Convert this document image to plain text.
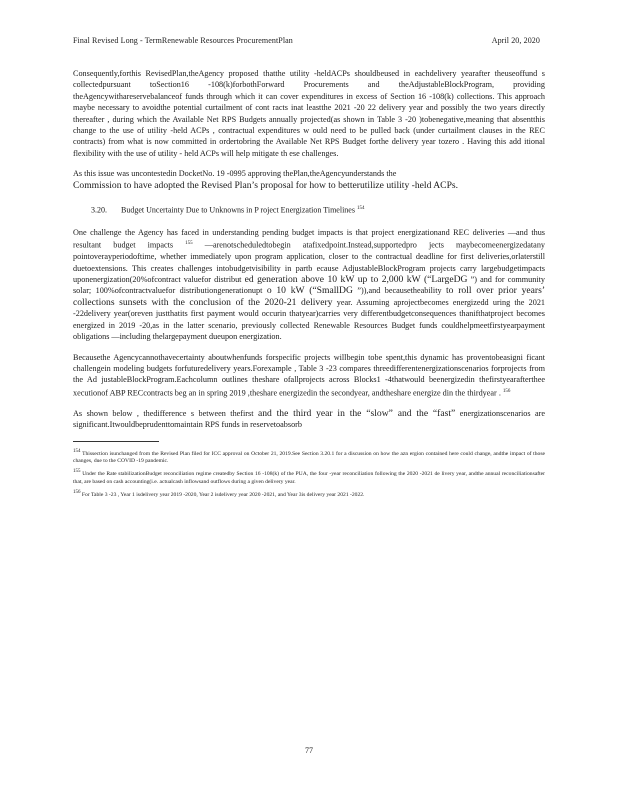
Final Revised Long - TermRenewable Resources ProcurementPlan	April 20, 2020

Consequently,forthis RevisedPlan,theAgency proposed thatthe utility -heldACPs shouldbeused in eachdelivery yearafter theuseoffund s collectedpursuant toSection16 -108(k)forbothForward Procurements and theAdjustableBlockProgram, providing theAgencywithareservebalanceof funds through which it can cover expenditures in excess of Section 16 -108(k) collections. This approach maybe necessary to avoidthe potential curtailment of cont racts inat leastthe 2021 -20 22 delivery year and possibly the two years directly thereafter , during which the Available Net RPS Budgets annually projected(as shown in Table 3 -20 )tobenegative,meaning that absentthis change to the use of utility -held ACPs , contractual expenditures w ould need to be pulled back (under curtailment clauses in the REC contracts) from what is now committed in ordertobring the Available Net RPS Budget forthe delivery year tozero . Having this add itional flexibility with the use of utility - held ACPs will help mitigate th ese challenges.

As this issue was uncontestedin DocketNo. 19 -0995 approving thePlan,theAgencyunderstands the
Commission to have adopted the Revised Plan’s proposal for how to betterutilize utility -held ACPs.

3.20. Budget Uncertainty Due to Unknowns in P roject Energization Timelines $^{154}$

One challenge the Agency has faced in understanding pending budget impacts is that project energizationand REC deliveries —and thus resultant budget impacts $^{155}$ —arenotscheduledtobegin atafixedpoint.Instead,supportedpro jects maybecomeenergizedatany pointoverayperiodoftime, whether immediately upon program application, closer to the contractual deadline for first deliveries,orlaterstill duetoextensions. This creates challenges intobudgetvisibility in partb ecause AdjustableBlockProgram projects carry largebudgetimpacts uponenergization(20%ofcontract valuefor distribut ed generation above 10 kW up to 2,000 kW (“LargeDG ”) and for community solar; 100%ofcontractvaluefor distributiongenerationupt o 10 kW (“SmallDG ”)),and becausetheability to roll over prior years’ collections sunsets with the conclusion of the 2020-21 delivery year. Assuming aprojectbecomes energizedd uring the 2021 -22delivery year(oreven justthatits first payment would occurin thatyear)carries very differentbudgetconsequences thanifthatproject becomes energized in 2019 -20,as in the latter scenario, previously collected Renewable Resources Budget funds couldhelpmeetfirstyearpayment obligations —including thelargepayment dueupon energization.

Becausethe Agencycannothavecertainty aboutwhenfunds forspecific projects willbegin tobe spent,this dynamic has proventobeasigni ficant challengein modeling budgets forfuturedelivery years.Forexample , Table 3 -23 compares threedifferentenergizationscenarios forprojects from the Ad justableBlockProgram.Eachcolumn outlines theshare ofallprojects across Blocks1 -4thatwould beenergizedin thefirstyearafterthee xecutionof ABP RECcontracts beg an in spring 2019 ,theshare energizedin the secondyear, andtheshare energize din the thirdyear . $^{156}$

As shown below , thedifference s between thefirst and the third year in the “slow” and the “fast” energizationscenarios are significant.Itwouldbeprudenttomaintain RPS funds in reservetoabsorb

$^{154}$ Thissection isunchanged from the Revised Plan filed for ICC approval on October 21, 2019.See Section 3.20.1 for a discussion on how the azn ergion contained here could change, andthe impact of those changes, due to the COVID -19 pandemic.
$^{155}$ Under the Rate stabilizationBudget reconciliation regime createdby Section 16 -108(k) of the PUA, the four -year reconciliation following the 2020 -2021 de livery year, andthe annual reconciliationsafter that, are based on cash accounting(i.e. actualcash inflowsand outflows during a given delivery year.
$^{156}$ For Table 3 -23 , Year 1 isdelivery year 2019 -2020, Year 2 isdelivery year 2020 -2021, and Year 3is delivery year 2021 -2022.
77
